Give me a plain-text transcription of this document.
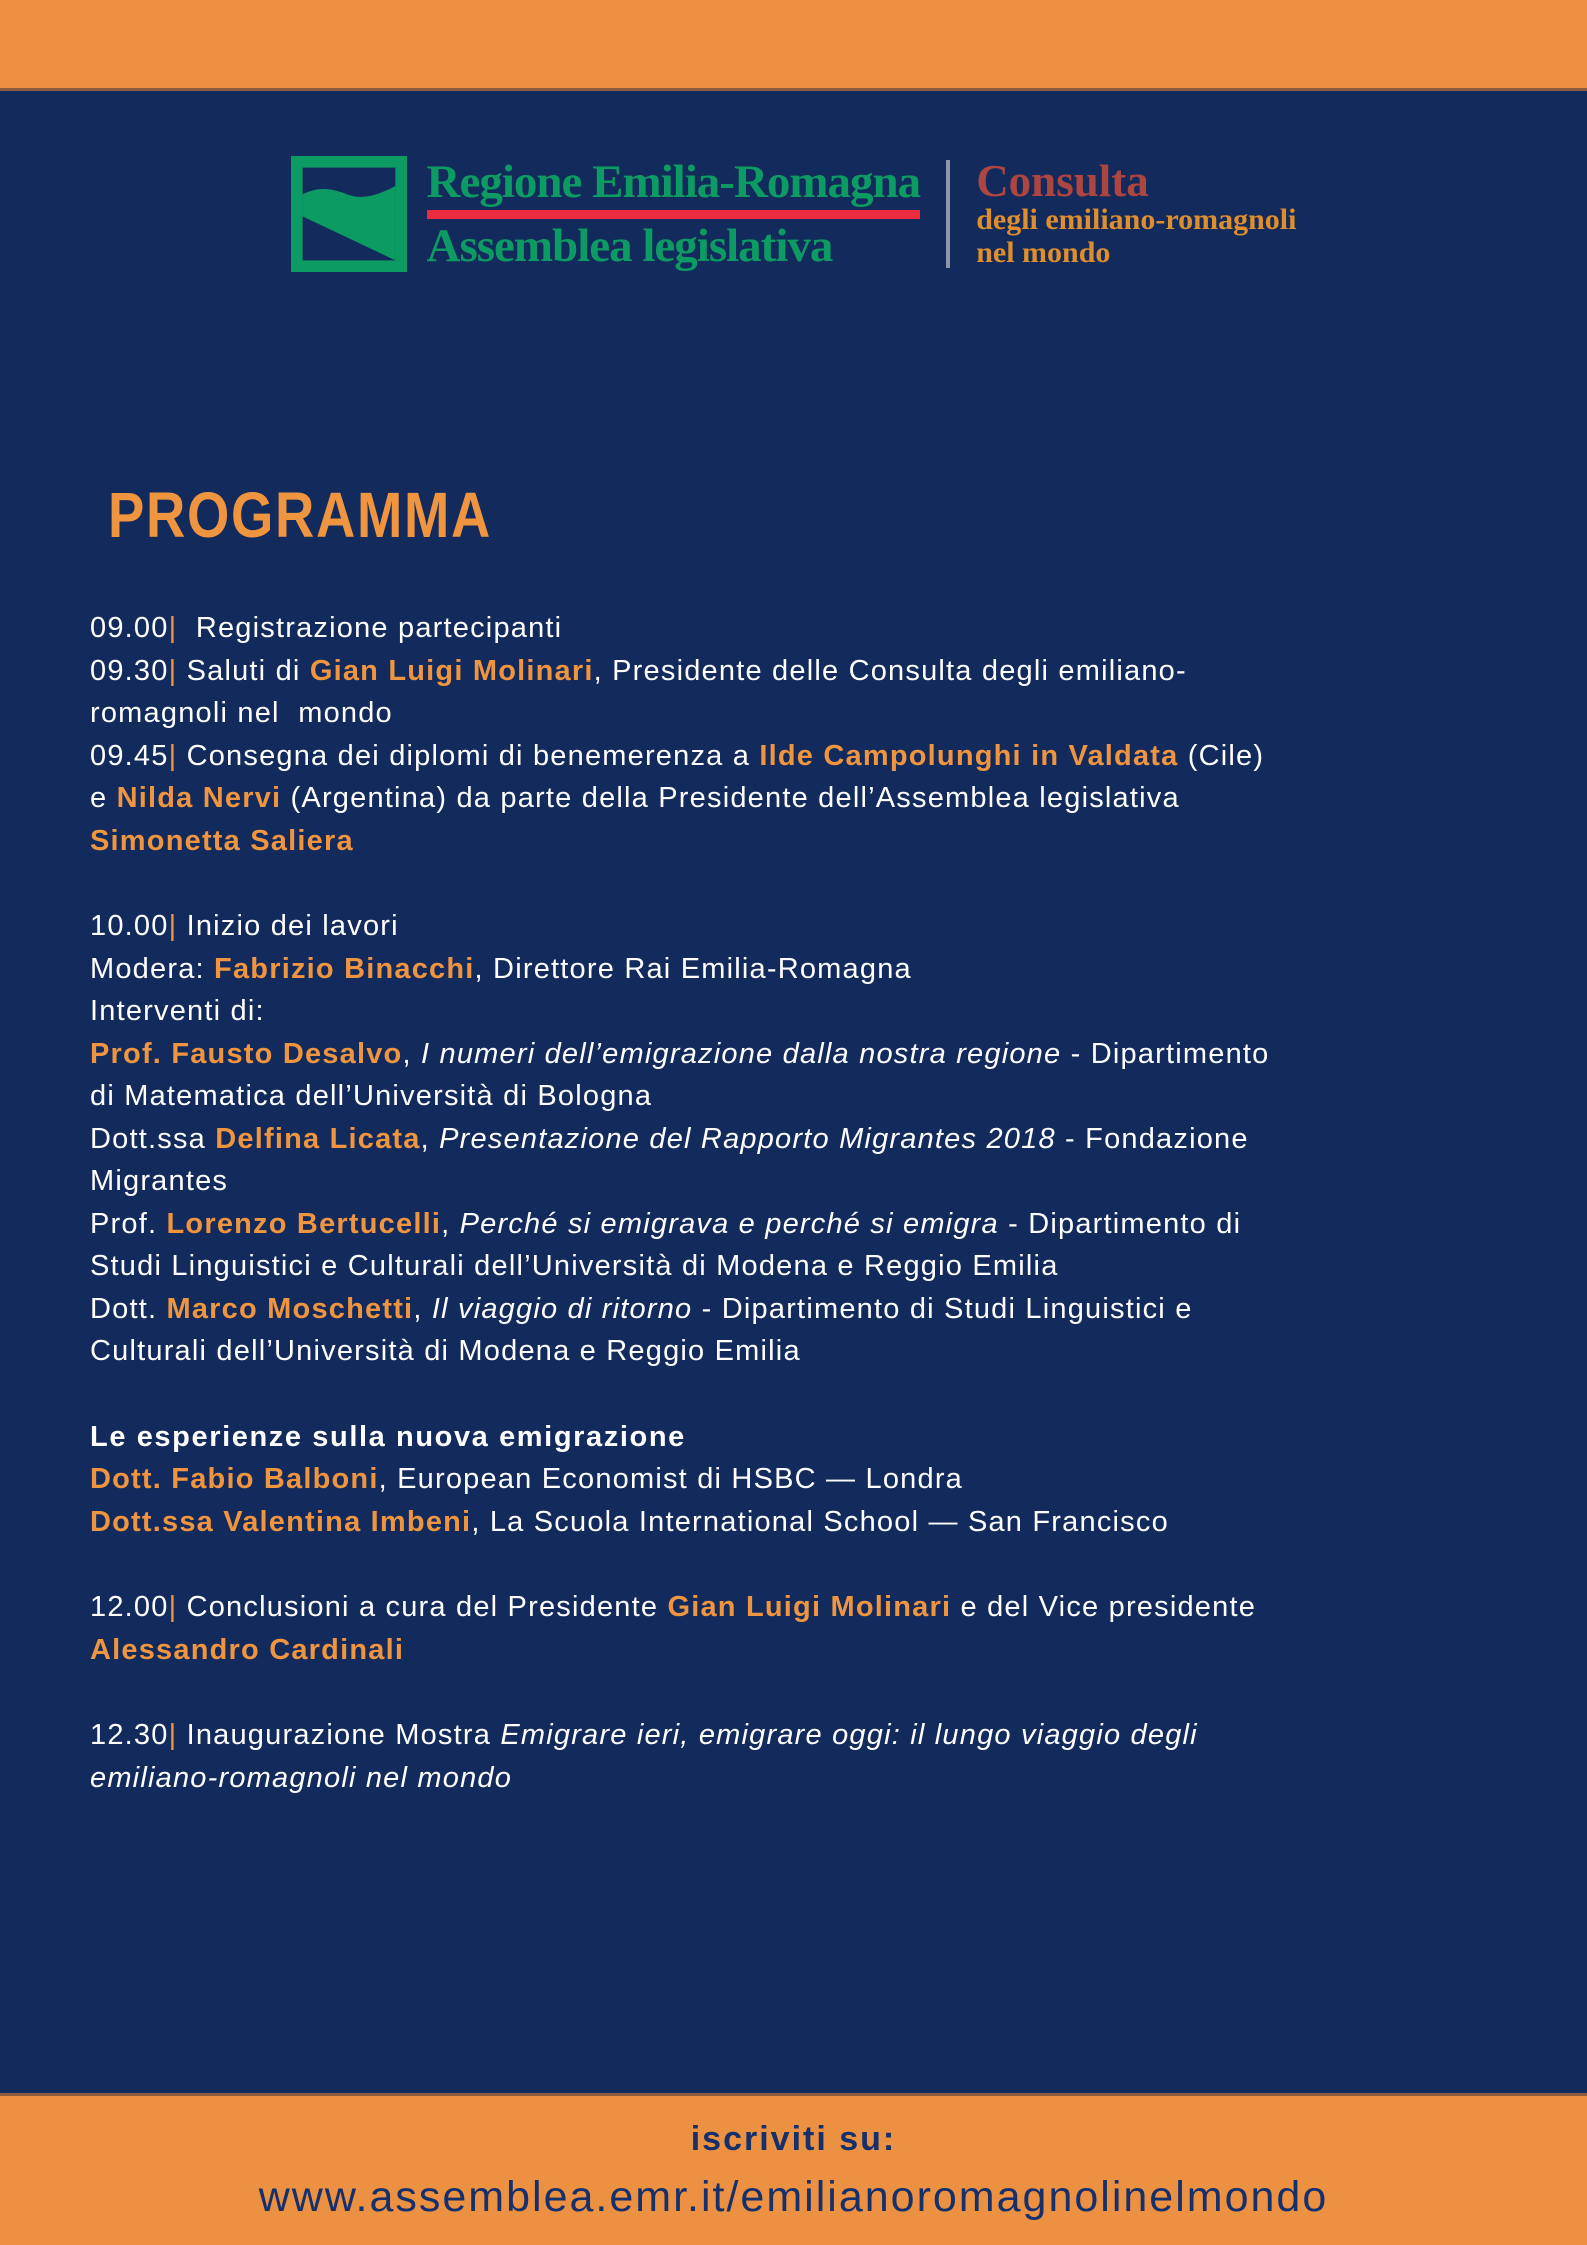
Regione Emilia-Romagna
Assemblea legislativa
Consulta
degli emiliano-romagnoli
nel mondo
PROGRAMMA
09.00|  Registrazione partecipanti
09.30| Saluti di Gian Luigi Molinari, Presidente delle Consulta degli emiliano-
romagnoli nel  mondo
09.45| Consegna dei diplomi di benemerenza a Ilde Campolunghi in Valdata (Cile)
e Nilda Nervi (Argentina) da parte della Presidente dell’Assemblea legislativa
Simonetta Saliera
10.00| Inizio dei lavori
Modera: Fabrizio Binacchi, Direttore Rai Emilia-Romagna
Interventi di:
Prof. Fausto Desalvo, I numeri dell’emigrazione dalla nostra regione - Dipartimento
di Matematica dell’Università di Bologna
Dott.ssa Delfina Licata, Presentazione del Rapporto Migrantes 2018 - Fondazione
Migrantes
Prof. Lorenzo Bertucelli, Perché si emigrava e perché si emigra - Dipartimento di
Studi Linguistici e Culturali dell’Università di Modena e Reggio Emilia
Dott. Marco Moschetti, Il viaggio di ritorno - Dipartimento di Studi Linguistici e
Culturali dell’Università di Modena e Reggio Emilia
Le esperienze sulla nuova emigrazione
Dott. Fabio Balboni, European Economist di HSBC — Londra
Dott.ssa Valentina Imbeni, La Scuola International School — San Francisco
12.00| Conclusioni a cura del Presidente Gian Luigi Molinari e del Vice presidente
Alessandro Cardinali
12.30| Inaugurazione Mostra Emigrare ieri, emigrare oggi: il lungo viaggio degli
emiliano-romagnoli nel mondo
iscriviti su:
www.assemblea.emr.it/emilianoromagnolinelmondo
